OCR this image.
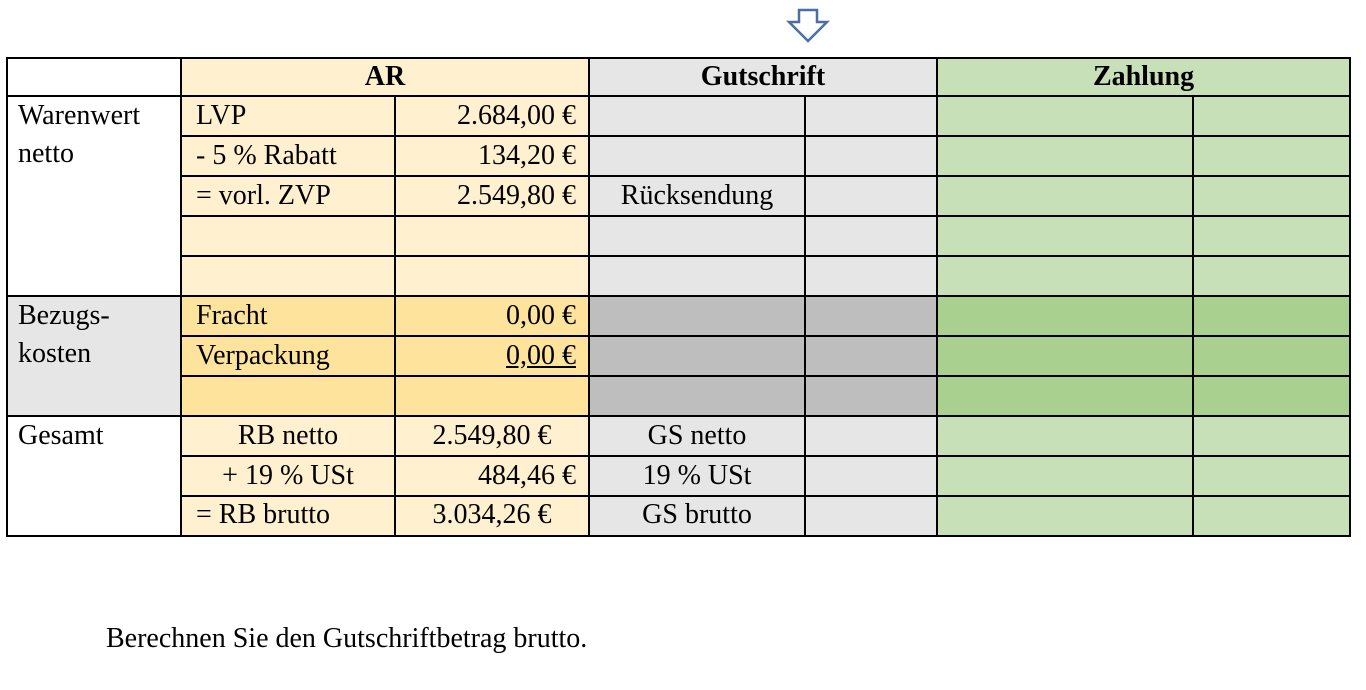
	AR		Gutschrift		Zahlung	
Warenwert netto	LVP	2.684,00 €				
	- 5 % Rabatt	134,20 €				
	= vorl. ZVP	2.549,80 €	Rücksendung			

Bezugs-kosten	Fracht	0,00 €				
	Verpackung	0,00 €				

Gesamt	RB netto	2.549,80 €	GS netto			
	+ 19 % USt	484,46 €	19 % USt			
	= RB brutto	3.034,26 €	GS brutto			
Berechnen Sie den Gutschriftbetrag brutto.
